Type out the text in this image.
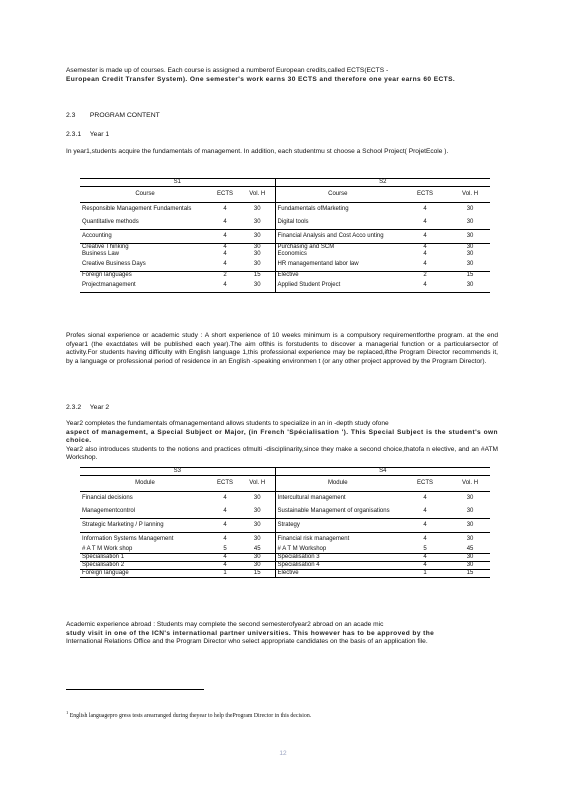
Asemester is made up of courses. Each course is assigned a numberof European credits,called ECTS(ECTS -
European Credit Transfer System). One semester's work earns 30 ECTS and therefore one year earns 60 ECTS.

2.3 PROGRAM CONTENT

2.3.1 Year 1

In year1,students acquire the fundamentals of management. In addition, each studentmu st choose a School Project( ProjetEcole ).

S1			S2		
Course	ECTS	Vol. H	Course	ECTS	Vol. H
Responsible Management Fundamentals	4	30	Fundamentals ofMarketing	4	30
Quantitative methods	4	30	Digital tools	4	30
Accounting	4	30	Financial Analysis and Cost Acco unting	4	30
Creative Thinking	4	30	Purchasing and SCM	4	30
Business Law	4	30	Economics	4	30
Creative Business Days	4	30	HR managementand labor law	4	30
Foreign languages	2	15	Elective	2	15
Projectmanagement	4	30	Applied Student Project	4	30

Profes sional experience or academic study : A short experience of 10 weeks minimum is a compulsory requirementforthe program. at the end ofyear1 (the exactdates will be published each year).The aim ofthis is forstudents to discover a managerial function or a particularsector of activity.For students having difficulty with English language 1,this professional experience may be replaced,ifthe Program Director recommends it, by a language or professional period of residence in an English -speaking environmen t (or any other project approved by the Program Director).

2.3.2 Year 2

Year2 completes the fundamentals ofmanagementand allows students to specialize in an in -depth study ofone
aspect of management, a Special Subject or Major, (in French 'Spécialisation '). This Special Subject is the student's own choice.
Year2 also introduces students to the notions and practices ofmulti -disciplinarity,since they make a second choice,thatofa n elective, and an #ATM Workshop.

S3			S4		
Module	ECTS	Vol. H	Module	ECTS	Vol. H
Financial decisions	4	30	Intercultural management	4	30
Managementcontrol	4	30	Sustainable Management of organisations	4	30
Strategic Marketing / P lanning	4	30	Strategy	4	30
Information Systems Management	4	30	Financial risk management	4	30
# A T M Work shop	5	45	# A T M Workshop	5	45
Specialisation 1	4	30	Specialisation 3	4	30
Specialisation 2	4	30	Specialisation 4	4	30
Foreign language	1	15	Elective	1	15

Academic experience abroad : Students may complete the second semesterofyear2 abroad on an acade mic
study visit in one of the ICN's international partner universities. This however has to be approved by the
International Relations Office and the Program Director who select appropriate candidates on the basis of an application file.

$^1$ English languagepro gress tests arearranged during theyear to help theProgram Director in this decision.
12
